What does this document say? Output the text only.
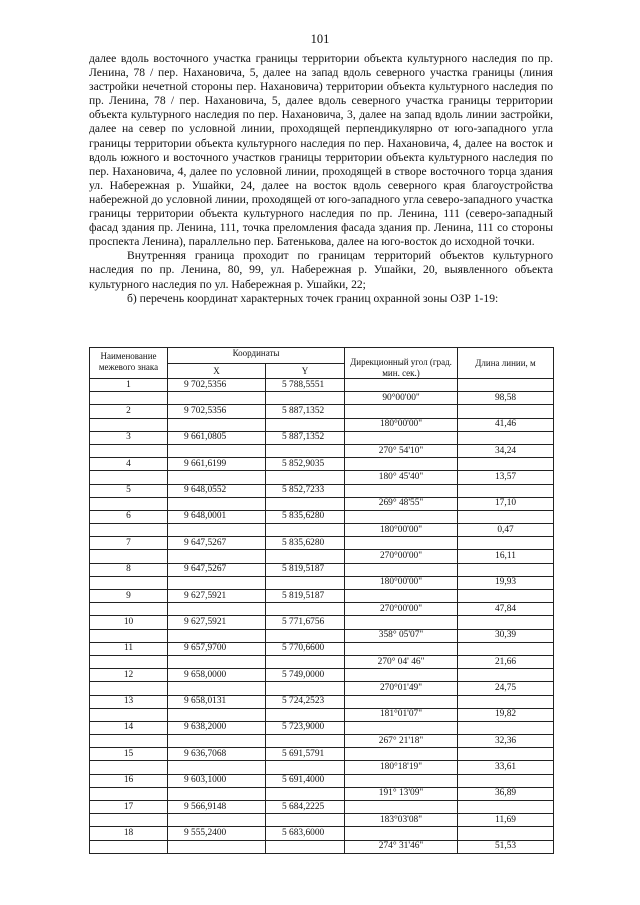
101

далее вдоль восточного участка границы территории объекта культурного наследия по пр. Ленина, 78 / пер. Нахановича, 5, далее на запад вдоль северного участка границы (линия застройки нечетной стороны пер. Нахановича) территории объекта культурного наследия по пр. Ленина, 78 / пер. Нахановича, 5, далее вдоль северного участка границы территории объекта культурного наследия по пер. Нахановича, 3, далее на запад вдоль линии застройки, далее на север по условной линии, проходящей перпендикулярно от юго-западного угла границы территории объекта культурного наследия по пер. Нахановича, 4, далее на восток и вдоль южного и восточного участков границы территории объекта культурного наследия по пер. Нахановича, 4, далее по условной линии, проходящей в створе восточного торца здания ул. Набережная р. Ушайки, 24, далее на восток вдоль северного края благоустройства набережной до условной линии, проходящей от юго-западного угла северо-западного участка границы территории объекта культурного наследия по пр. Ленина, 111 (северо-западный фасад здания пр. Ленина, 111, точка преломления фасада здания пр. Ленина, 111 со стороны проспекта Ленина), параллельно пер. Батенькова, далее на юго-восток до исходной точки.

Внутренняя граница проходит по границам территорий объектов культурного наследия по пр. Ленина, 80, 99, ул. Набережная р. Ушайки, 20, выявленного объекта культурного наследия по ул. Набережная р. Ушайки, 22;

б) перечень координат характерных точек границ охранной зоны ОЗР 1-19:

Наименование межевого знака	Координаты		Дирекционный угол (град. мин. сек.)	Длина линии, м
	X	Y		
1	9 702,5356	5 788,5551		
			90°00'00"	98,58
2	9 702,5356	5 887,1352		
			180°00'00"	41,46
3	9 661,0805	5 887,1352		
			270° 54'10"	34,24
4	9 661,6199	5 852,9035		
			180° 45'40"	13,57
5	9 648,0552	5 852,7233		
			269° 48'55"	17,10
6	9 648,0001	5 835,6280		
			180°00'00"	0,47
7	9 647,5267	5 835,6280		
			270°00'00"	16,11
8	9 647,5267	5 819,5187		
			180°00'00"	19,93
9	9 627,5921	5 819,5187		
			270°00'00"	47,84
10	9 627,5921	5 771,6756		
			358° 05'07"	30,39
11	9 657,9700	5 770,6600		
			270° 04' 46"	21,66
12	9 658,0000	5 749,0000		
			270°01'49"	24,75
13	9 658,0131	5 724,2523		
			181°01'07"	19,82
14	9 638,2000	5 723,9000		
			267° 21'18"	32,36
15	9 636,7068	5 691,5791		
			180°18'19"	33,61
16	9 603,1000	5 691,4000		
			191° 13'09"	36,89
17	9 566,9148	5 684,2225		
			183°03'08"	11,69
18	9 555,2400	5 683,6000		
			274° 31'46"	51,53
